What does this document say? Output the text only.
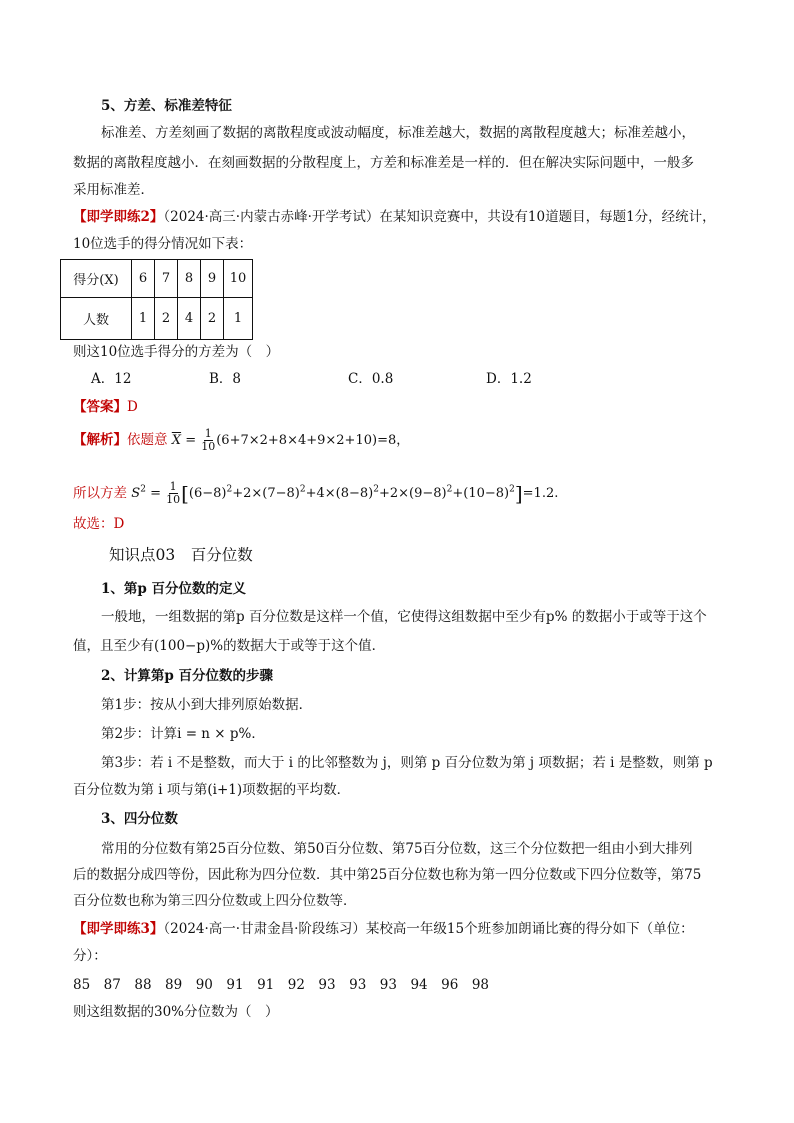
5、方差、标准差特征
标准差、方差刻画了数据的离散程度或波动幅度，标准差越大，数据的离散程度越大；标准差越小，
数据的离散程度越小．在刻画数据的分散程度上，方差和标准差是一样的．但在解决实际问题中，一般多
采用标准差．
【即学即练2】（2024·高三·内蒙古赤峰·开学考试）在某知识竞赛中，共设有10道题目，每题1分，经统计，
10位选手的得分情况如下表：
得分(X)	6	7	8	9	10
人数	1	2	4	2	1
则这10位选手得分的方差为（　）
A．12	B．8	C．0.8	D．1.2
【答案】D
【解析】依题意 $\overline{X} = \frac{1}{10} (6+7\times 2+8\times 4+9\times 2+10)=8$，
所以方差 $S^2 = \frac{1}{10} [(6-8)^2+2\times(7-8)^2+4\times(8-8)^2+2\times(9-8)^2+(10-8)^2]=1.2$.
故选：D
知识点03　百分位数
1、第p 百分位数的定义
一般地，一组数据的第p 百分位数是这样一个值，它使得这组数据中至少有p% 的数据小于或等于这个
值，且至少有(100−p)%的数据大于或等于这个值．
2、计算第p 百分位数的步骤
第1步：按从小到大排列原始数据．
第2步：计算i = n × p%．
第3步：若 i 不是整数，而大于 i 的比邻整数为 j，则第 p 百分位数为第 j 项数据；若 i 是整数，则第 p
百分位数为第 i 项与第(i+1)项数据的平均数．
3、四分位数
常用的分位数有第25百分位数、第50百分位数、第75百分位数，这三个分位数把一组由小到大排列
后的数据分成四等份，因此称为四分位数．其中第25百分位数也称为第一四分位数或下四分位数等，第75
百分位数也称为第三四分位数或上四分位数等．
【即学即练3】（2024·高一·甘肃金昌·阶段练习）某校高一年级15个班参加朗诵比赛的得分如下（单位：
分）：
85　87　88　89　90　91　91　92　93　93　93　94　96　98
则这组数据的30%分位数为（　）
